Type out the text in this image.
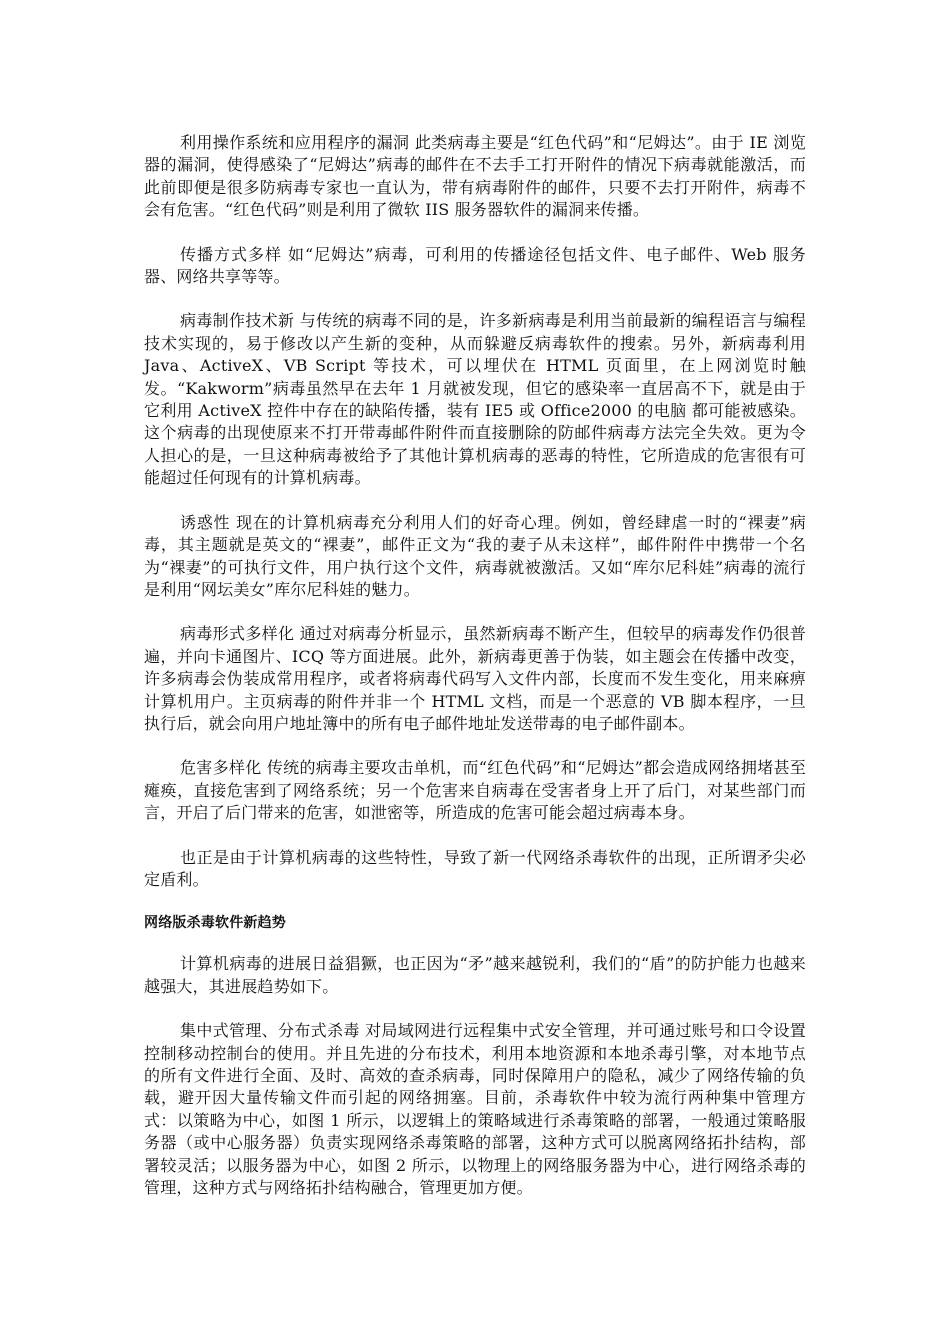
利用操作系统和应用程序的漏洞 此类病毒主要是“红色代码”和“尼姆达”。由于 IE 浏览器的漏洞，使得感染了“尼姆达”病毒的邮件在不去手工打开附件的情况下病毒就能激活，而此前即便是很多防病毒专家也一直认为，带有病毒附件的邮件，只要不去打开附件，病毒不会有危害。“红色代码”则是利用了微软 IIS 服务器软件的漏洞来传播。

传播方式多样 如“尼姆达”病毒，可利用的传播途径包括文件、电子邮件、Web 服务器、网络共享等等。

病毒制作技术新 与传统的病毒不同的是，许多新病毒是利用当前最新的编程语言与编程技术实现的，易于修改以产生新的变种，从而躲避反病毒软件的搜索。另外，新病毒利用 Java、ActiveX、VB Script 等技术，可以埋伏在 HTML 页面里，在上网浏览时触发。“Kakworm”病毒虽然早在去年 1 月就被发现，但它的感染率一直居高不下，就是由于它利用 ActiveX 控件中存在的缺陷传播，装有 IE5 或 Office2000 的电脑 都可能被感染。这个病毒的出现使原来不打开带毒邮件附件而直接删除的防邮件病毒方法完全失效。更为令人担心的是，一旦这种病毒被给予了其他计算机病毒的恶毒的特性，它所造成的危害很有可能超过任何现有的计算机病毒。

诱惑性 现在的计算机病毒充分利用人们的好奇心理。例如，曾经肆虐一时的“裸妻”病毒，其主题就是英文的“裸妻”，邮件正文为“我的妻子从未这样”，邮件附件中携带一个名为“裸妻”的可执行文件，用户执行这个文件，病毒就被激活。又如“库尔尼科娃”病毒的流行是利用“网坛美女”库尔尼科娃的魅力。

病毒形式多样化 通过对病毒分析显示，虽然新病毒不断产生，但较早的病毒发作仍很普遍，并向卡通图片、ICQ 等方面进展。此外，新病毒更善于伪装，如主题会在传播中改变，许多病毒会伪装成常用程序，或者将病毒代码写入文件内部，长度而不发生变化，用来麻痹计算机用户。主页病毒的附件并非一个 HTML 文档，而是一个恶意的 VB 脚本程序，一旦执行后，就会向用户地址簿中的所有电子邮件地址发送带毒的电子邮件副本。

危害多样化 传统的病毒主要攻击单机，而“红色代码”和“尼姆达”都会造成网络拥堵甚至瘫痪，直接危害到了网络系统；另一个危害来自病毒在受害者身上开了后门，对某些部门而言，开启了后门带来的危害，如泄密等，所造成的危害可能会超过病毒本身。

也正是由于计算机病毒的这些特性，导致了新一代网络杀毒软件的出现，正所谓矛尖必定盾利。

网络版杀毒软件新趋势

计算机病毒的进展日益猖獗，也正因为“矛”越来越锐利，我们的“盾”的防护能力也越来越强大，其进展趋势如下。

集中式管理、分布式杀毒 对局域网进行远程集中式安全管理，并可通过账号和口令设置控制移动控制台的使用。并且先进的分布技术，利用本地资源和本地杀毒引擎，对本地节点的所有文件进行全面、及时、高效的查杀病毒，同时保障用户的隐私，减少了网络传输的负载，避开因大量传输文件而引起的网络拥塞。目前，杀毒软件中较为流行两种集中管理方式：以策略为中心，如图 1 所示，以逻辑上的策略域进行杀毒策略的部署，一般通过策略服务器（或中心服务器）负责实现网络杀毒策略的部署，这种方式可以脱离网络拓扑结构，部署较灵活；以服务器为中心，如图 2 所示，以物理上的网络服务器为中心，进行网络杀毒的管理，这种方式与网络拓扑结构融合，管理更加方便。
